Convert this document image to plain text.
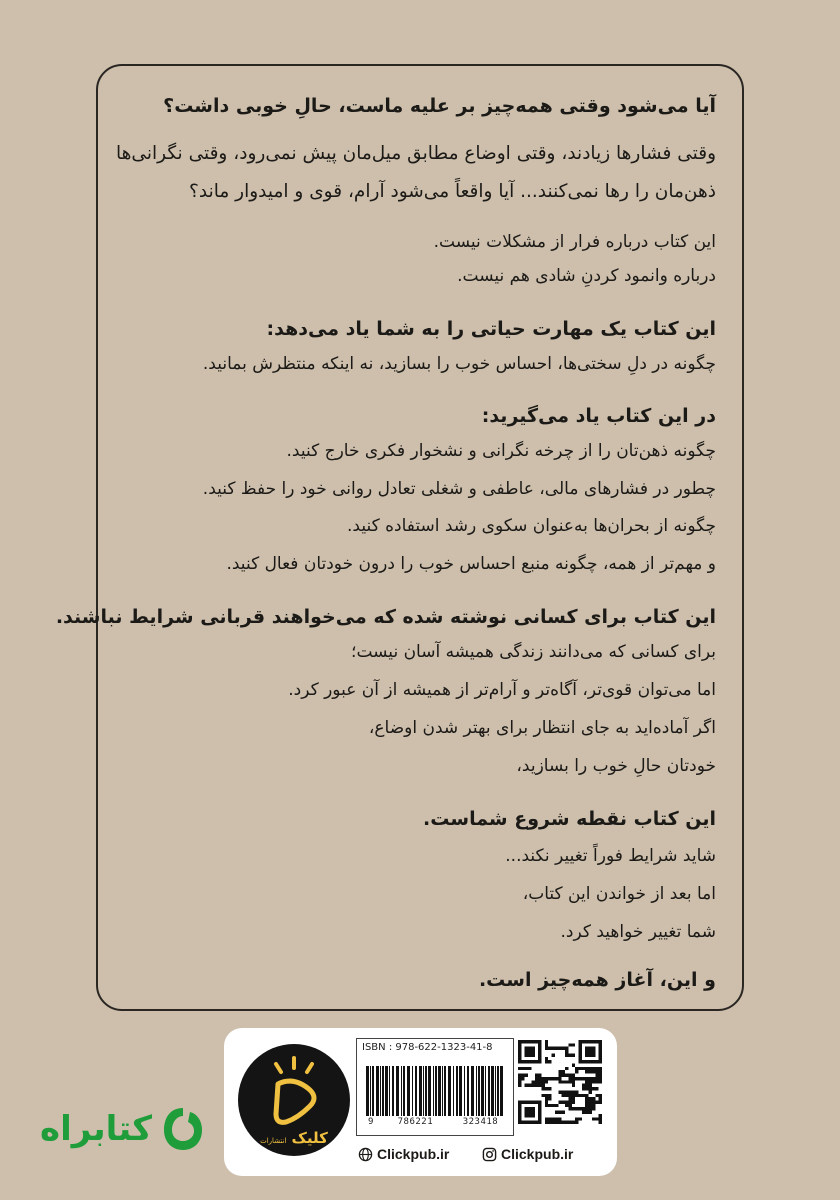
آیا می‌شود وقتی همه‌چیز بر علیه ماست، حالِ خوبی داشت؟
وقتی فشارها زیادند، وقتی اوضاع مطابق میل‌مان پیش نمی‌رود، وقتی نگرانی‌ها
ذهن‌مان را رها نمی‌کنند... آیا واقعاً می‌شود آرام، قوی و امیدوار ماند؟
این کتاب درباره فرار از مشکلات نیست.
درباره وانمود کردنِ شادی هم نیست.
این کتاب یک مهارت حیاتی را به شما یاد می‌دهد:
چگونه در دلِ سختی‌ها، احساس خوب را بسازید، نه اینکه منتظرش بمانید.
در این کتاب یاد می‌گیرید:
چگونه ذهن‌تان را از چرخه نگرانی و نشخوار فکری خارج کنید.
چطور در فشارهای مالی، عاطفی و شغلی تعادل روانی خود را حفظ کنید.
چگونه از بحران‌ها به‌عنوان سکوی رشد استفاده کنید.
و مهم‌تر از همه، چگونه منبع احساس خوب را درون خودتان فعال کنید.
این کتاب برای کسانی نوشته شده که می‌خواهند قربانی شرایط نباشند.
برای کسانی که می‌دانند زندگی همیشه آسان نیست؛
اما می‌توان قوی‌تر، آگاه‌تر و آرام‌تر از همیشه از آن عبور کرد.
اگر آماده‌اید به جای انتظار برای بهتر شدن اوضاع،
خودتان حالِ خوب را بسازید،
این کتاب نقطه شروع شماست.
شاید شرایط فوراً تغییر نکند...
اما بعد از خواندن این کتاب،
شما تغییر خواهید کرد.
و این، آغاز همه‌چیز است.
کلیک انتشارات
ISBN : 978-622-1323-41-8
9	786221	323418
Clickpub.ir	Clickpub.ir
کتابراه
